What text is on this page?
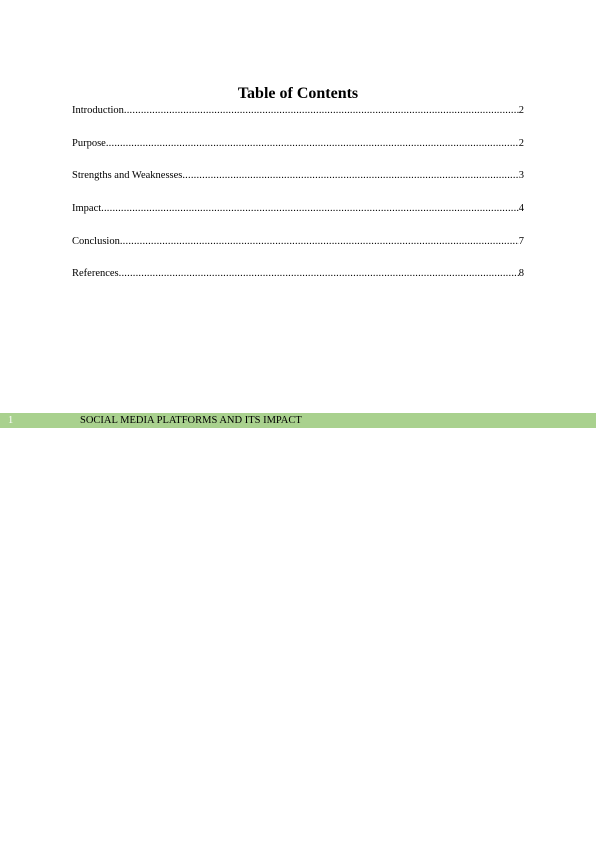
Table of Contents
Introduction .....	2
Purpose .....	2
Strengths and Weaknesses .....	3
Impact .....	4
Conclusion .....	7
References .....	8
1	SOCIAL MEDIA PLATFORMS AND ITS IMPACT
